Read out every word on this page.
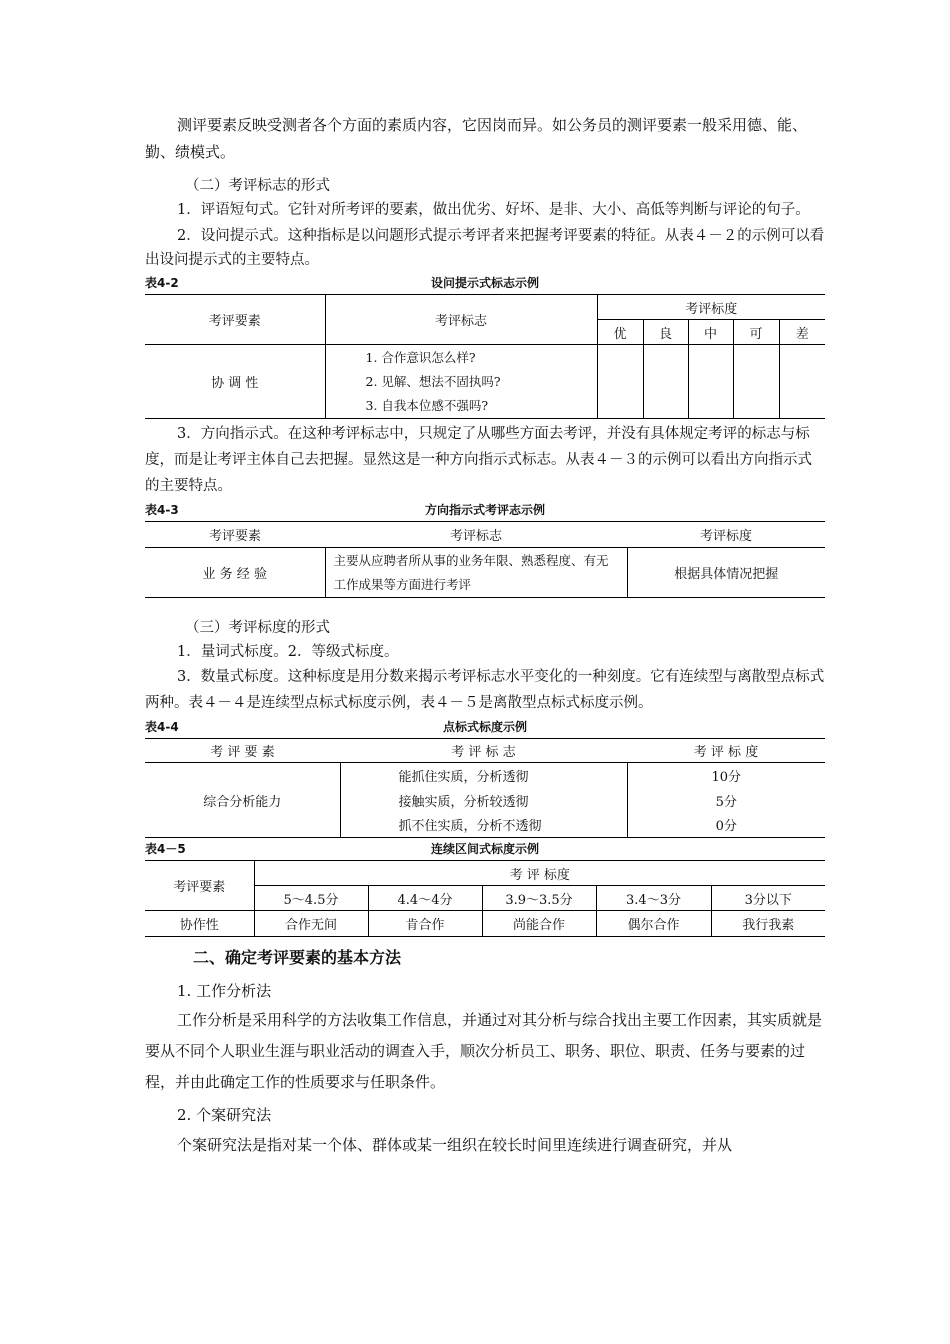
测评要素反映受测者各个方面的素质内容，它因岗而异。如公务员的测评要素一般采用德、能、勤、绩模式。

（二）考评标志的形式

1．评语短句式。它针对所考评的要素，做出优劣、好坏、是非、大小、高低等判断与评论的句子。

2．设问提示式。这种指标是以问题形式提示考评者来把握考评要素的特征。从表４－２的示例可以看出设问提示式的主要特点。

表4-2	设问提示式标志示例
考评要素	考评标志	考评标度				
		优	良	中	可	差
协 调 性	1. 合作意识怎么样?
2. 见解、想法不固执吗?
3. 自我本位感不强吗?					

3．方向指示式。在这种考评标志中，只规定了从哪些方面去考评，并没有具体规定考评的标志与标度，而是让考评主体自己去把握。显然这是一种方向指示式标志。从表４－３的示例可以看出方向指示式的主要特点。

表4-3	方向指示式考评志示例
考评要素	考评标志	考评标度
业 务 经 验	主要从应聘者所从事的业务年限、熟悉程度、有无工作成果等方面进行考评	根据具体情况把握

（三）考评标度的形式

1．量词式标度。2．等级式标度。

3．数量式标度。这种标度是用分数来揭示考评标志水平变化的一种刻度。它有连续型与离散型点标式两种。表４－４是连续型点标式标度示例，表４－５是离散型点标式标度示例。

表4-4	点标式标度示例
考 评 要 素	考 评 标 志	考 评 标 度
综合分析能力	能抓住实质，分析透彻	10分
	接触实质，分析较透彻	5分
	抓不住实质，分析不透彻	0分
表4－5	连续区间式标度示例
考评要素	考 评 标度				
	5～4.5分	4.4～4分	3.9～3.5分	3.4～3分	3分以下
协作性	合作无间	肯合作	尚能合作	偶尔合作	我行我素
二、确定考评要素的基本方法

1. 工作分析法

工作分析是采用科学的方法收集工作信息，并通过对其分析与综合找出主要工作因素，其实质就是要从不同个人职业生涯与职业活动的调查入手，顺次分析员工、职务、职位、职责、任务与要素的过程，并由此确定工作的性质要求与任职条件。

2. 个案研究法

个案研究法是指对某一个体、群体或某一组织在较长时间里连续进行调查研究，并从
